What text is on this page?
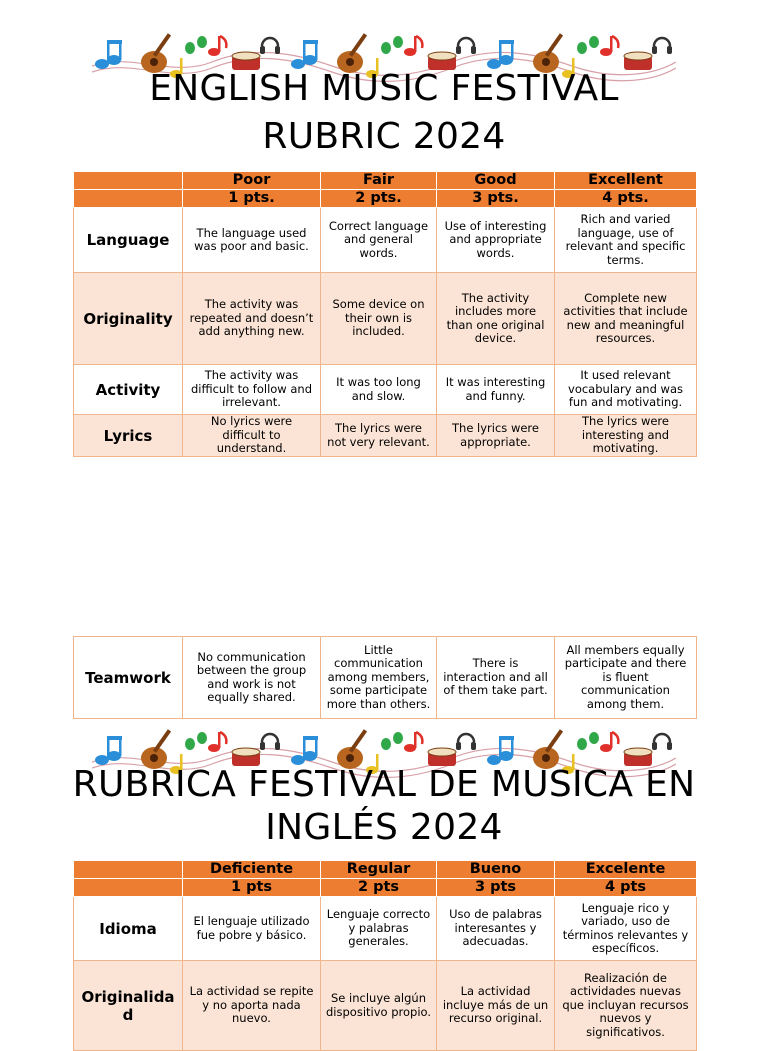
ENGLISH MUSIC FESTIVAL
RUBRIC 2024
	Poor	Fair	Good	Excellent
	1 pts.	2 pts.	3 pts.	4 pts.
Language	The language used was poor and basic.	Correct language and general words.	Use of interesting and appropriate words.	Rich and varied language, use of relevant and specific terms.
Originality	The activity was repeated and doesn’t add anything new.	Some device on their own is included.	The activity includes more than one original device.	Complete new activities that include new and meaningful resources.
Activity	The activity was difficult to follow and irrelevant.	It was too long and slow.	It was interesting and funny.	It used relevant vocabulary and was fun and motivating.
Lyrics	No lyrics were difficult to understand.	The lyrics were not very relevant.	The lyrics were appropriate.	The lyrics were interesting and motivating.
Teamwork	No communication between the group and work is not equally shared.	Little communication among members, some participate more than others.	There is interaction and all of them take part.	All members equally participate and there is fluent communication among them.
RUBRICA FESTIVAL DE MUSICA EN
INGLÉS 2024
	Deficiente	Regular	Bueno	Excelente
	1 pts	2 pts	3 pts	4 pts
Idioma	El lenguaje utilizado fue pobre y básico.	Lenguaje correcto y palabras generales.	Uso de palabras interesantes y adecuadas.	Lenguaje rico y variado, uso de términos relevantes y específicos.
Originalidad	La actividad se repite y no aporta nada nuevo.	Se incluye algún dispositivo propio.	La actividad incluye más de un recurso original.	Realización de actividades nuevas que incluyan recursos nuevos y significativos.
